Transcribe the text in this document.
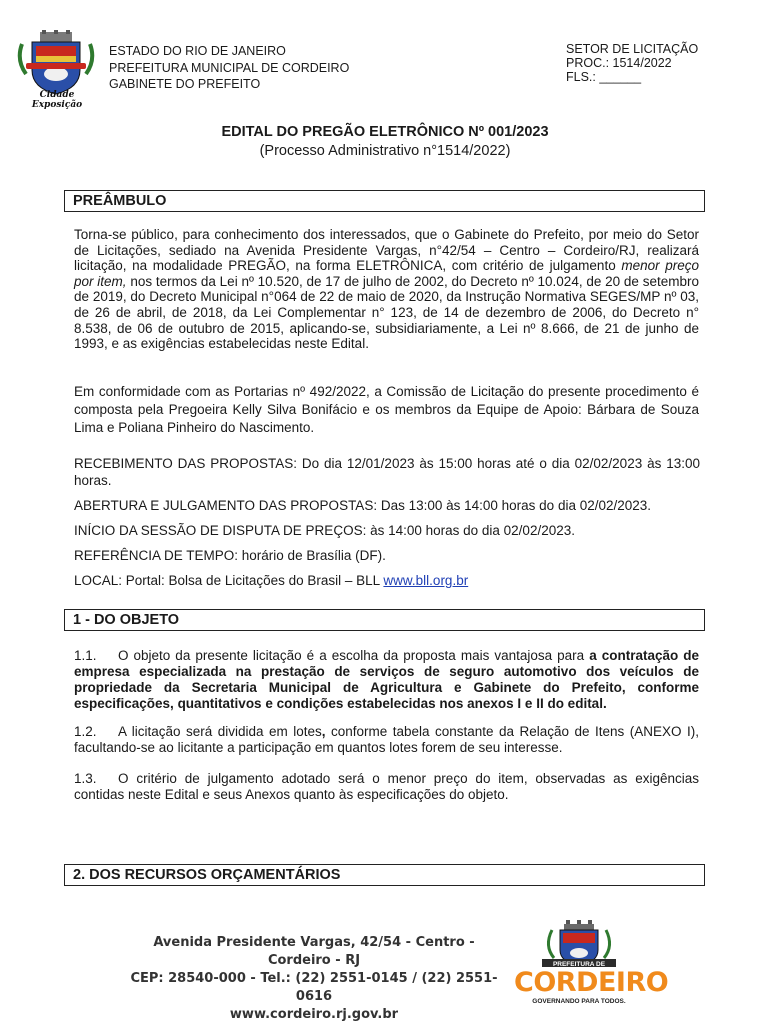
Cidade Exposição
ESTADO DO RIO DE JANEIRO
PREFEITURA MUNICIPAL DE CORDEIRO
GABINETE DO PREFEITO
SETOR DE LICITAÇÃO
PROC.: 1514/2022
FLS.: ______
EDITAL DO PREGÃO ELETRÔNICO Nº 001/2023
(Processo Administrativo n°1514/2022)
PREÂMBULO
Torna-se público, para conhecimento dos interessados, que o Gabinete do Prefeito, por meio do Setor de Licitações, sediado na Avenida Presidente Vargas, n°42/54 – Centro – Cordeiro/RJ, realizará licitação, na modalidade PREGÃO, na forma ELETRÔNICA, com critério de julgamento menor preço por item, nos termos da Lei nº 10.520, de 17 de julho de 2002, do Decreto nº 10.024, de 20 de setembro de 2019, do Decreto Municipal n°064 de 22 de maio de 2020, da Instrução Normativa SEGES/MP nº 03, de 26 de abril, de 2018, da Lei Complementar n° 123, de 14 de dezembro de 2006, do Decreto n° 8.538, de 06 de outubro de 2015, aplicando-se, subsidiariamente, a Lei nº 8.666, de 21 de junho de 1993, e as exigências estabelecidas neste Edital.
Em conformidade com as Portarias nº 492/2022, a Comissão de Licitação do presente procedimento é composta pela Pregoeira Kelly Silva Bonifácio e os membros da Equipe de Apoio: Bárbara de Souza Lima e Poliana Pinheiro do Nascimento.
RECEBIMENTO DAS PROPOSTAS: Do dia 12/01/2023 às 15:00 horas até o dia 02/02/2023 às 13:00 horas.
ABERTURA E JULGAMENTO DAS PROPOSTAS: Das 13:00 às 14:00 horas do dia 02/02/2023.
INÍCIO DA SESSÃO DE DISPUTA DE PREÇOS: às 14:00 horas do dia 02/02/2023.
REFERÊNCIA DE TEMPO: horário de Brasília (DF).
LOCAL: Portal: Bolsa de Licitações do Brasil – BLL www.bll.org.br
1 - DO OBJETO
1.1. O objeto da presente licitação é a escolha da proposta mais vantajosa para a contratação de empresa especializada na prestação de serviços de seguro automotivo dos veículos de propriedade da Secretaria Municipal de Agricultura e Gabinete do Prefeito, conforme especificações, quantitativos e condições estabelecidas nos anexos I e II do edital.
1.2. A licitação será dividida em lotes, conforme tabela constante da Relação de Itens (ANEXO I), facultando-se ao licitante a participação em quantos lotes forem de seu interesse.
1.3. O critério de julgamento adotado será o menor preço do item, observadas as exigências contidas neste Edital e seus Anexos quanto às especificações do objeto.
2. DOS RECURSOS ORÇAMENTÁRIOS
Avenida Presidente Vargas, 42/54 - Centro - Cordeiro - RJ
CEP: 28540-000 - Tel.: (22) 2551-0145 / (22) 2551-0616
www.cordeiro.rj.gov.br
PREFEITURA DE
CORDEIRO
GOVERNANDO PARA TODOS.
